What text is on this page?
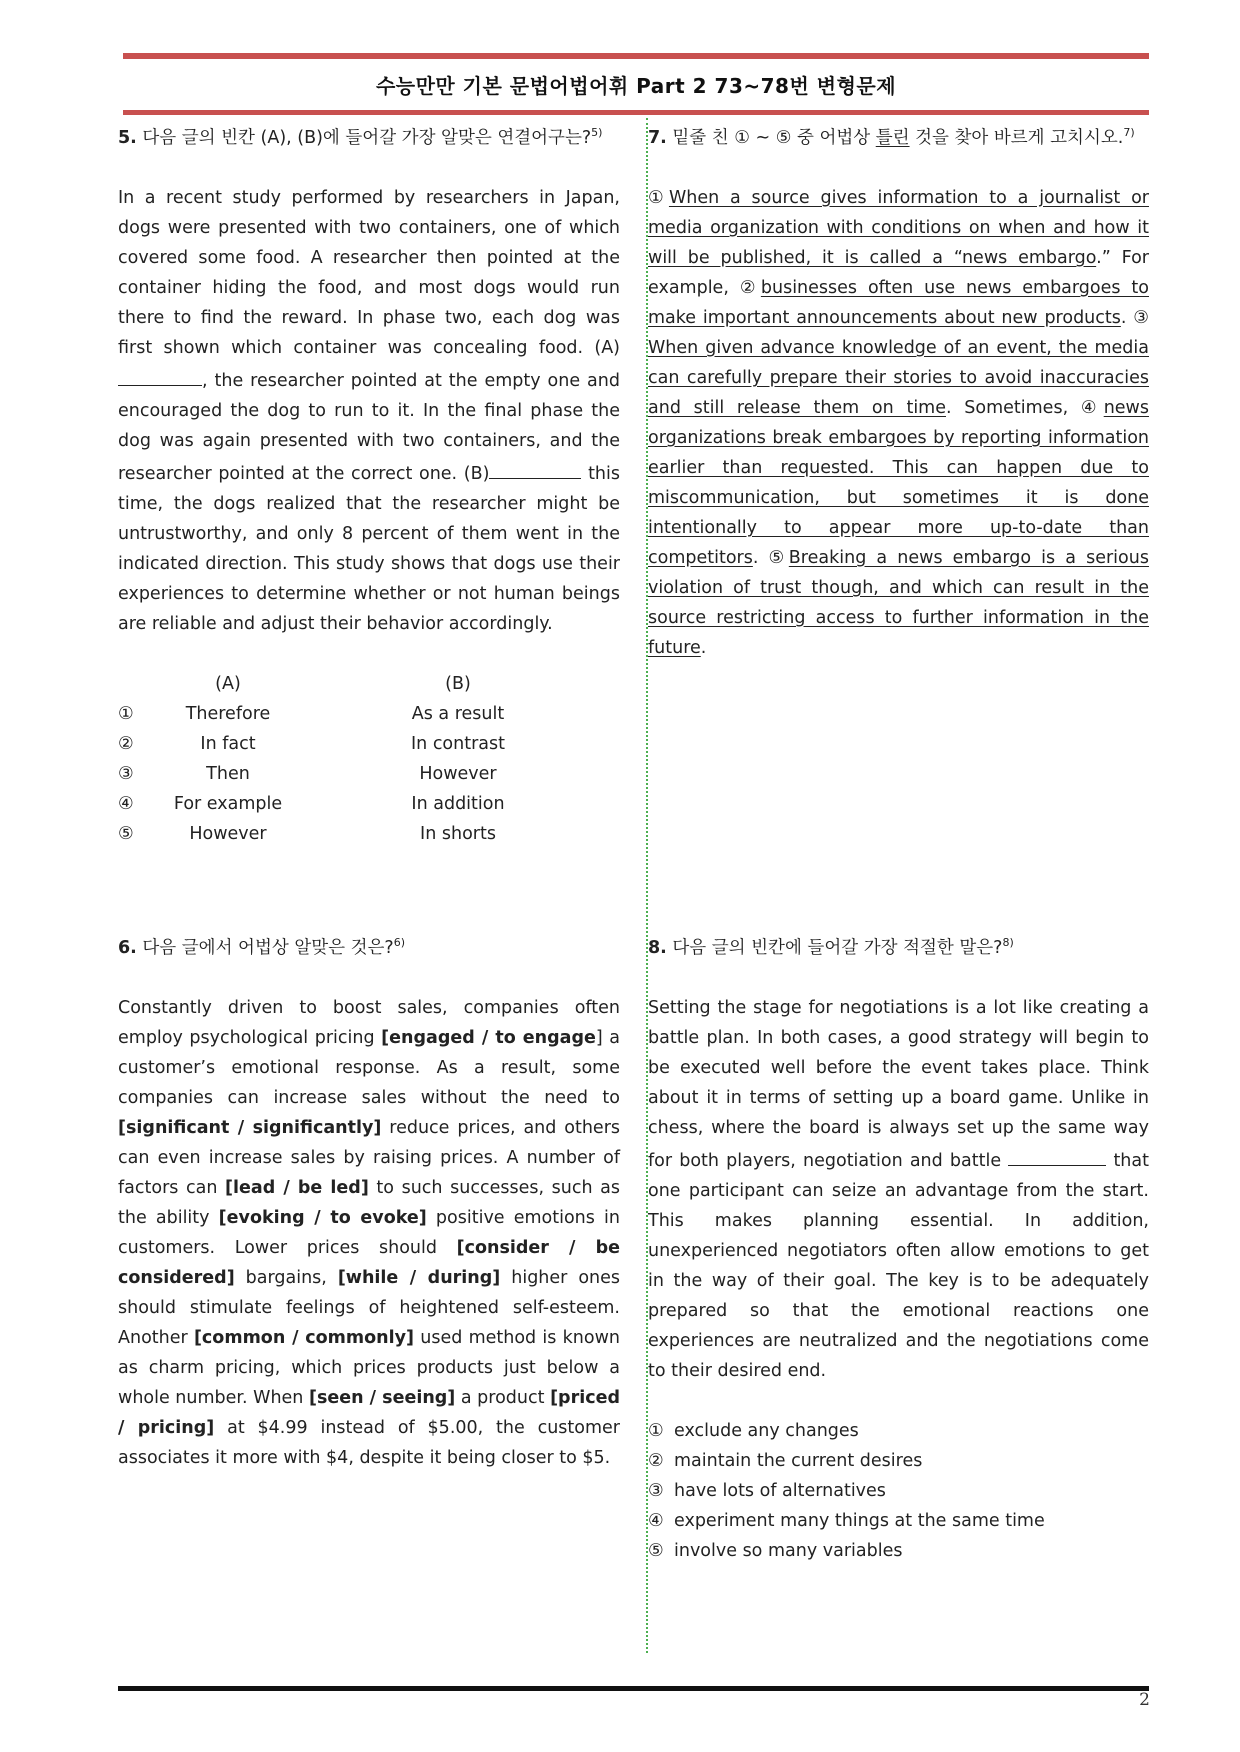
수능만만 기본 문법어법어휘 Part 2 73~78번 변형문제

5. 다음 글의 빈칸 (A), (B)에 들어갈 가장 알맞은 연결어구는?$^{5)}$

In a recent study performed by researchers in Japan, dogs were presented with two containers, one of which covered some food. A researcher then pointed at the container hiding the food, and most dogs would run there to find the reward. In phase two, each dog was first shown which container was concealing food. (A) , the researcher pointed at the empty one and encouraged the dog to run to it. In the final phase the dog was again presented with two containers, and the researcher pointed at the correct one. (B)	this time, the dogs realized that the researcher might be untrustworthy, and only 8 percent of them went in the indicated direction. This study shows that dogs use their experiences to determine whether or not human beings are reliable and adjust their behavior accordingly.

(A)	(B)
①	Therefore	As a result
②	In fact	In contrast
③	Then	However
④	For example	In addition
⑤	However	In shorts

6. 다음 글에서 어법상 알맞은 것은?$^{6)}$

Constantly driven to boost sales, companies often employ psychological pricing [engaged / to engage] a customer’s emotional response. As a result, some companies can increase sales without the need to [significant / significantly] reduce prices, and others can even increase sales by raising prices. A number of factors can [lead / be led] to such successes, such as the ability [evoking / to evoke] positive emotions in customers. Lower prices should [consider / be considered] bargains, [while / during] higher ones should stimulate feelings of heightened self-esteem. Another [common / commonly] used method is known as charm pricing, which prices products just below a whole number. When [seen / seeing] a product [priced / pricing] at $4.99 instead of $5.00, the customer associates it more with $4, despite it being closer to $5.

7. 밑줄 친 ① ~ ⑤ 중 어법상 틀린 것을 찾아 바르게 고치시오.$^{7)}$

①When a source gives information to a journalist or media organization with conditions on when and how it will be published, it is called a “news embargo.” For example, ②businesses often use news embargoes to make important announcements about new products. ③ When given advance knowledge of an event, the media can carefully prepare their stories to avoid inaccuracies and still release them on time. Sometimes, ④news organizations break embargoes by reporting information earlier than requested. This can happen due to miscommunication, but sometimes it is done intentionally to appear more up-to-date than competitors. ⑤Breaking a news embargo is a serious violation of trust though, and which can result in the source restricting access to further information in the future.

8. 다음 글의 빈칸에 들어갈 가장 적절한 말은?$^{8)}$

Setting the stage for negotiations is a lot like creating a battle plan. In both cases, a good strategy will begin to be executed well before the event takes place. Think about it in terms of setting up a board game. Unlike in chess, where the board is always set up the same way for both players, negotiation and battle	that one participant can seize an advantage from the start. This makes planning essential. In addition, unexperienced negotiators often allow emotions to get in the way of their goal. The key is to be adequately prepared so that the emotional reactions one experiences are neutralized and the negotiations come to their desired end.

① exclude any changes
② maintain the current desires
③ have lots of alternatives
④ experiment many things at the same time
⑤ involve so many variables
2
